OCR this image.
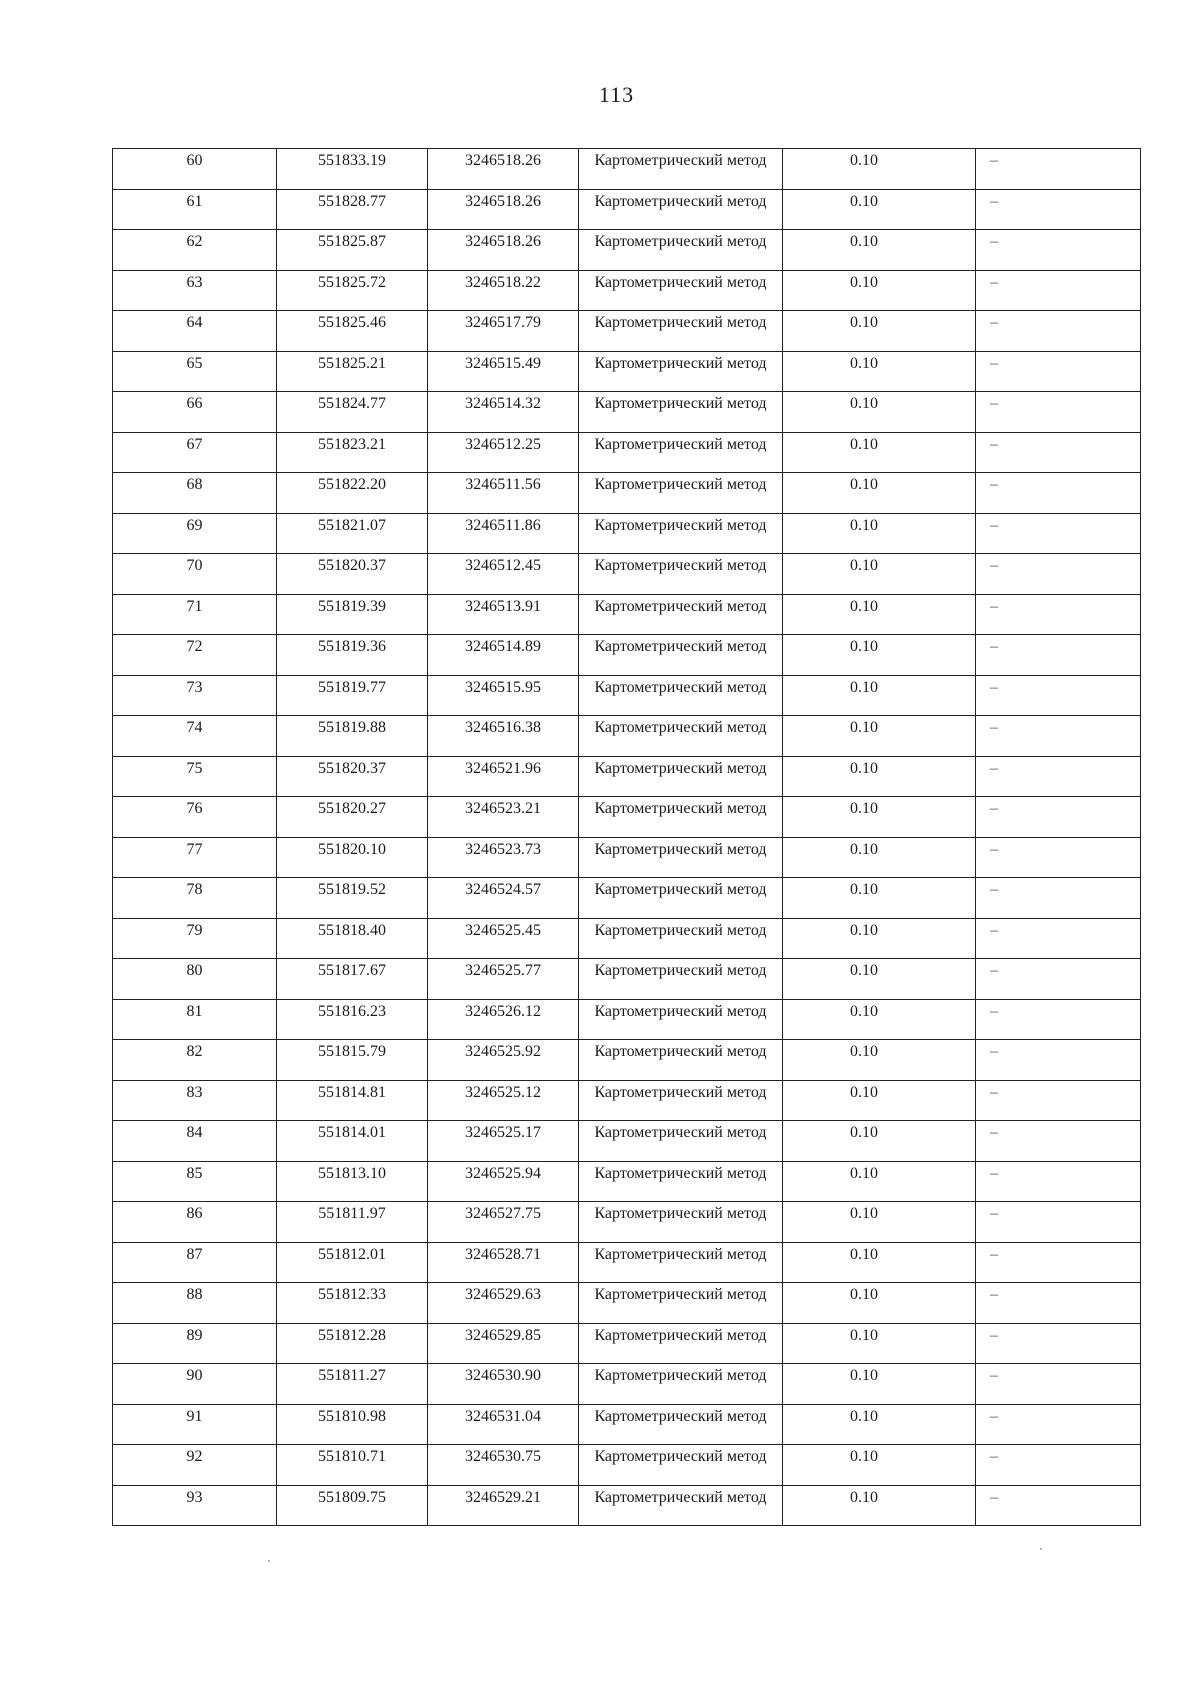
113
60	551833.19	3246518.26	Картометрический метод	0.10	–

61	551828.77	3246518.26	Картометрический метод	0.10	–

62	551825.87	3246518.26	Картометрический метод	0.10	–

63	551825.72	3246518.22	Картометрический метод	0.10	–

64	551825.46	3246517.79	Картометрический метод	0.10	–

65	551825.21	3246515.49	Картометрический метод	0.10	–

66	551824.77	3246514.32	Картометрический метод	0.10	–

67	551823.21	3246512.25	Картометрический метод	0.10	–

68	551822.20	3246511.56	Картометрический метод	0.10	–

69	551821.07	3246511.86	Картометрический метод	0.10	–

70	551820.37	3246512.45	Картометрический метод	0.10	–

71	551819.39	3246513.91	Картометрический метод	0.10	–

72	551819.36	3246514.89	Картометрический метод	0.10	–

73	551819.77	3246515.95	Картометрический метод	0.10	–

74	551819.88	3246516.38	Картометрический метод	0.10	–

75	551820.37	3246521.96	Картометрический метод	0.10	–

76	551820.27	3246523.21	Картометрический метод	0.10	–

77	551820.10	3246523.73	Картометрический метод	0.10	–

78	551819.52	3246524.57	Картометрический метод	0.10	–

79	551818.40	3246525.45	Картометрический метод	0.10	–

80	551817.67	3246525.77	Картометрический метод	0.10	–

81	551816.23	3246526.12	Картометрический метод	0.10	–

82	551815.79	3246525.92	Картометрический метод	0.10	–

83	551814.81	3246525.12	Картометрический метод	0.10	–

84	551814.01	3246525.17	Картометрический метод	0.10	–

85	551813.10	3246525.94	Картометрический метод	0.10	–

86	551811.97	3246527.75	Картометрический метод	0.10	–

87	551812.01	3246528.71	Картометрический метод	0.10	–

88	551812.33	3246529.63	Картометрический метод	0.10	–

89	551812.28	3246529.85	Картометрический метод	0.10	–

90	551811.27	3246530.90	Картометрический метод	0.10	–

91	551810.98	3246531.04	Картометрический метод	0.10	–

92	551810.71	3246530.75	Картометрический метод	0.10	–

93	551809.75	3246529.21	Картометрический метод	0.10	–
